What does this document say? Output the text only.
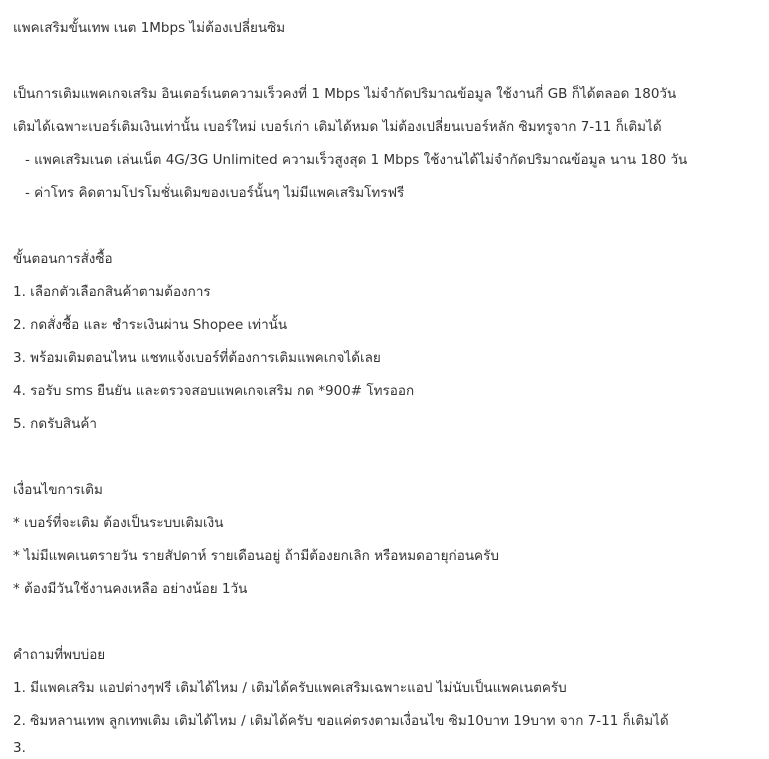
แพคเสริมขั้นเทพ เนต 1Mbps ไม่ต้องเปลี่ยนซิม
เป็นการเติมแพคเกจเสริม อินเตอร์เนตความเร็วคงที่ 1 Mbps ไม่จำกัดปริมาณข้อมูล ใช้งานกี่ GB ก็ได้ตลอด 180วัน
เติมได้เฉพาะเบอร์เติมเงินเท่านั้น เบอร์ใหม่ เบอร์เก่า เติมได้หมด ไม่ต้องเปลี่ยนเบอร์หลัก ซิมทรูจาก 7-11 ก็เติมได้
- แพคเสริมเนต เล่นเน็ต 4G/3G Unlimited ความเร็วสูงสุด 1 Mbps ใช้งานได้ไม่จำกัดปริมาณข้อมูล นาน 180 วัน
- ค่าโทร คิดตามโปรโมชั่นเดิมของเบอร์นั้นๆ ไม่มีแพคเสริมโทรฟรี
ขั้นตอนการสั่งซื้อ
1. เลือกตัวเลือกสินค้าตามต้องการ
2. กดสั่งซื้อ และ ชำระเงินผ่าน Shopee เท่านั้น
3. พร้อมเติมตอนไหน แชทแจ้งเบอร์ที่ต้องการเติมแพคเกจได้เลย
4. รอรับ sms ยืนยัน และตรวจสอบแพคเกจเสริม กด *900# โทรออก
5. กดรับสินค้า
เงื่อนไขการเติม
* เบอร์ที่จะเติม ต้องเป็นระบบเติมเงิน
* ไม่มีแพคเนตรายวัน รายสัปดาห์ รายเดือนอยู่ ถ้ามีต้องยกเลิก หรือหมดอายุก่อนครับ
* ต้องมีวันใช้งานคงเหลือ อย่างน้อย 1วัน
คำถามที่พบบ่อย
1. มีแพคเสริม แอปต่างๆฟรี เติมได้ไหม / เติมได้ครับแพคเสริมเฉพาะแอป ไม่นับเป็นแพคเนตครับ
2. ซิมหลานเทพ ลูกเทพเติม เติมได้ไหม / เติมได้ครับ ขอแค่ตรงตามเงื่อนไข ซิม10บาท 19บาท จาก 7-11 ก็เติมได้
3.
